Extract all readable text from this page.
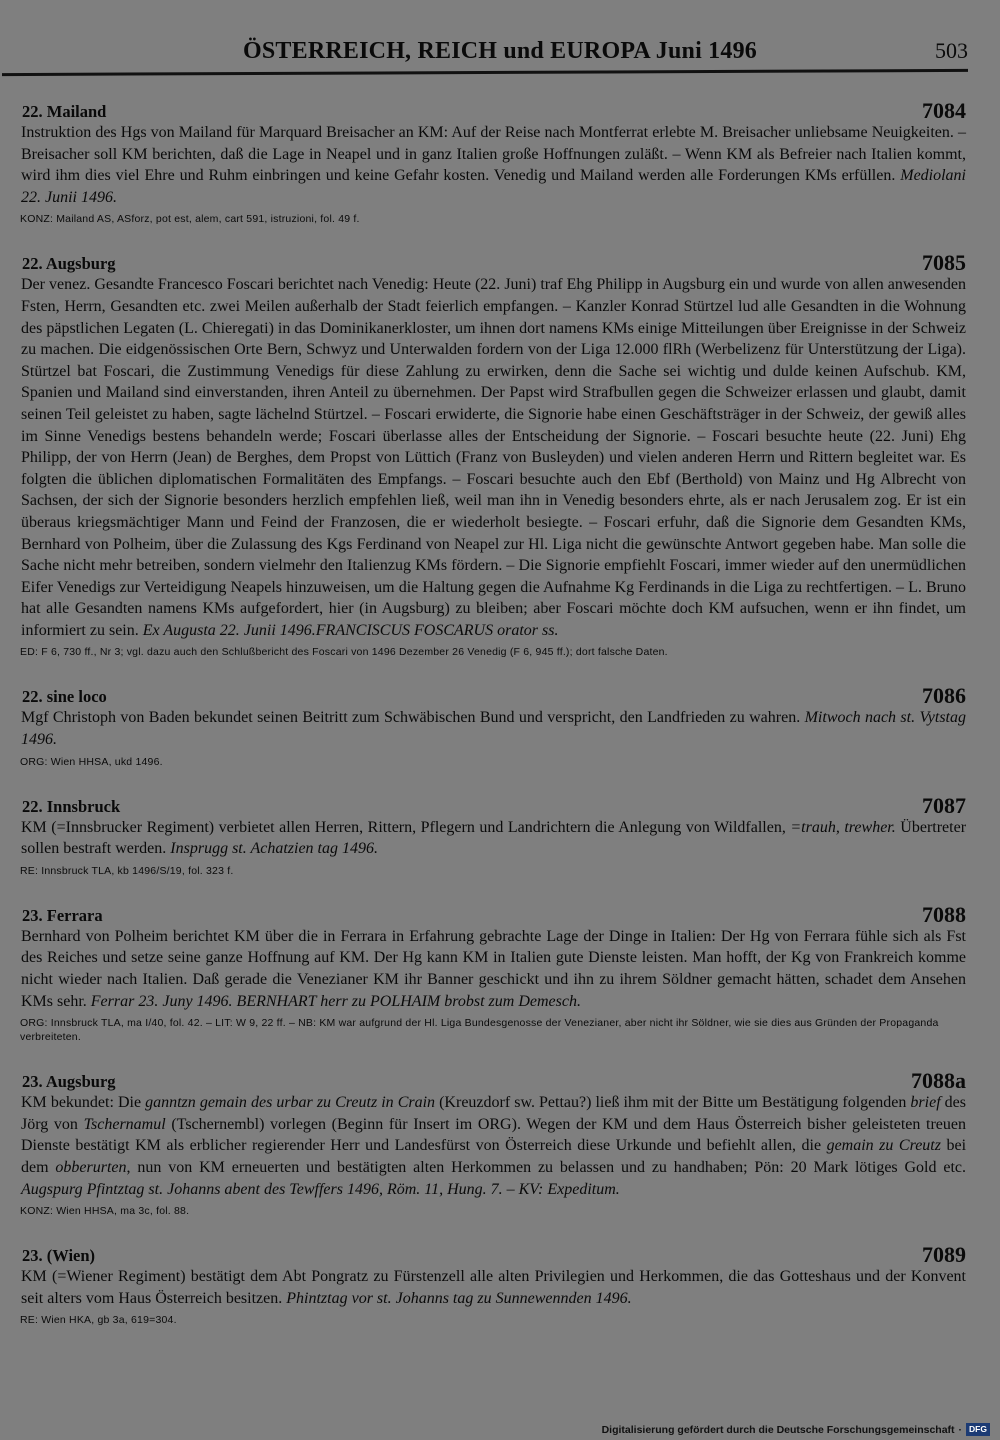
ÖSTERREICH, REICH und EUROPA Juni 1496	503
22. Mailand	7084

Instruktion des Hgs von Mailand für Marquard Breisacher an KM: Auf der Reise nach Montferrat erlebte M. Breisacher unliebsame Neuigkeiten. – Breisacher soll KM berichten, daß die Lage in Neapel und in ganz Italien große Hoffnungen zuläßt. – Wenn KM als Befreier nach Italien kommt, wird ihm dies viel Ehre und Ruhm einbringen und keine Gefahr kosten. Venedig und Mailand werden alle Forderungen KMs erfüllen. Mediolani 22. Junii 1496.

KONZ: Mailand AS, ASforz, pot est, alem, cart 591, istruzioni, fol. 49 f.
22. Augsburg	7085

Der venez. Gesandte Francesco Foscari berichtet nach Venedig: Heute (22. Juni) traf Ehg Philipp in Augsburg ein und wurde von allen anwesenden Fsten, Herrn, Gesandten etc. zwei Meilen außerhalb der Stadt feierlich empfangen. – Kanzler Konrad Stürtzel lud alle Gesandten in die Wohnung des päpstlichen Legaten (L. Chieregati) in das Dominikanerkloster, um ihnen dort namens KMs einige Mitteilungen über Ereignisse in der Schweiz zu machen. Die eidgenössischen Orte Bern, Schwyz und Unterwalden fordern von der Liga 12.000 flRh (Werbelizenz für Unterstützung der Liga). Stürtzel bat Foscari, die Zustimmung Venedigs für diese Zahlung zu erwirken, denn die Sache sei wichtig und dulde keinen Aufschub. KM, Spanien und Mailand sind einverstanden, ihren Anteil zu übernehmen. Der Papst wird Strafbullen gegen die Schweizer erlassen und glaubt, damit seinen Teil geleistet zu haben, sagte lächelnd Stürtzel. – Foscari erwiderte, die Signorie habe einen Geschäftsträger in der Schweiz, der gewiß alles im Sinne Venedigs bestens behandeln werde; Foscari überlasse alles der Entscheidung der Signorie. – Foscari besuchte heute (22. Juni) Ehg Philipp, der von Herrn (Jean) de Berghes, dem Propst von Lüttich (Franz von Busleyden) und vielen anderen Herrn und Rittern begleitet war. Es folgten die üblichen diplomatischen Formalitäten des Empfangs. – Foscari besuchte auch den Ebf (Berthold) von Mainz und Hg Albrecht von Sachsen, der sich der Signorie besonders herzlich empfehlen ließ, weil man ihn in Venedig besonders ehrte, als er nach Jerusalem zog. Er ist ein überaus kriegsmächtiger Mann und Feind der Franzosen, die er wiederholt besiegte. – Foscari erfuhr, daß die Signorie dem Gesandten KMs, Bernhard von Polheim, über die Zulassung des Kgs Ferdinand von Neapel zur Hl. Liga nicht die gewünschte Antwort gegeben habe. Man solle die Sache nicht mehr betreiben, sondern vielmehr den Italienzug KMs fördern. – Die Signorie empfiehlt Foscari, immer wieder auf den unermüdlichen Eifer Venedigs zur Verteidigung Neapels hinzuweisen, um die Haltung gegen die Aufnahme Kg Ferdinands in die Liga zu rechtfertigen. – L. Bruno hat alle Gesandten namens KMs aufgefordert, hier (in Augsburg) zu bleiben; aber Foscari möchte doch KM aufsuchen, wenn er ihn findet, um informiert zu sein. Ex Augusta 22. Junii 1496.FRANCISCUS FOSCARUS orator ss.

ED: F 6, 730 ff., Nr 3; vgl. dazu auch den Schlußbericht des Foscari von 1496 Dezember 26 Venedig (F 6, 945 ff.); dort falsche Daten.
22. sine loco	7086

Mgf Christoph von Baden bekundet seinen Beitritt zum Schwäbischen Bund und verspricht, den Landfrieden zu wahren. Mitwoch nach st. Vytstag 1496.

ORG: Wien HHSA, ukd 1496.
22. Innsbruck	7087

KM (=Innsbrucker Regiment) verbietet allen Herren, Rittern, Pflegern und Landrichtern die Anlegung von Wildfallen, =trauh, trewher. Übertreter sollen bestraft werden. Insprugg st. Achatzien tag 1496.

RE: Innsbruck TLA, kb 1496/S/19, fol. 323 f.
23. Ferrara	7088

Bernhard von Polheim berichtet KM über die in Ferrara in Erfahrung gebrachte Lage der Dinge in Italien: Der Hg von Ferrara fühle sich als Fst des Reiches und setze seine ganze Hoffnung auf KM. Der Hg kann KM in Italien gute Dienste leisten. Man hofft, der Kg von Frankreich komme nicht wieder nach Italien. Daß gerade die Venezianer KM ihr Banner geschickt und ihn zu ihrem Söldner gemacht hätten, schadet dem Ansehen KMs sehr. Ferrar 23. Juny 1496. BERNHART herr zu POLHAIM brobst zum Demesch.

ORG: Innsbruck TLA, ma I/40, fol. 42. – LIT: W 9, 22 ff. – NB: KM war aufgrund der Hl. Liga Bundesgenosse der Venezianer, aber nicht ihr Söldner, wie sie dies aus Gründen der Propaganda verbreiteten.
23. Augsburg	7088a

KM bekundet: Die ganntzn gemain des urbar zu Creutz in Crain (Kreuzdorf sw. Pettau?) ließ ihm mit der Bitte um Bestätigung folgenden brief des Jörg von Tschernamul (Tschernembl) vorlegen (Beginn für Insert im ORG). Wegen der KM und dem Haus Österreich bisher geleisteten treuen Dienste bestätigt KM als erblicher regierender Herr und Landesfürst von Österreich diese Urkunde und befiehlt allen, die gemain zu Creutz bei dem obberurten, nun von KM erneuerten und bestätigten alten Herkommen zu belassen und zu handhaben; Pön: 20 Mark lötiges Gold etc. Augspurg Pfintztag st. Johanns abent des Tewffers 1496, Röm. 11, Hung. 7. – KV: Expeditum.

KONZ: Wien HHSA, ma 3c, fol. 88.
23. (Wien)	7089

KM (=Wiener Regiment) bestätigt dem Abt Pongratz zu Fürstenzell alle alten Privilegien und Herkommen, die das Gotteshaus und der Konvent seit alters vom Haus Österreich besitzen. Phintztag vor st. Johanns tag zu Sunnewennden 1496.

RE: Wien HKA, gb 3a, 619=304.
Digitalisierung gefördert durch die Deutsche Forschungsgemeinschaft · DFG
